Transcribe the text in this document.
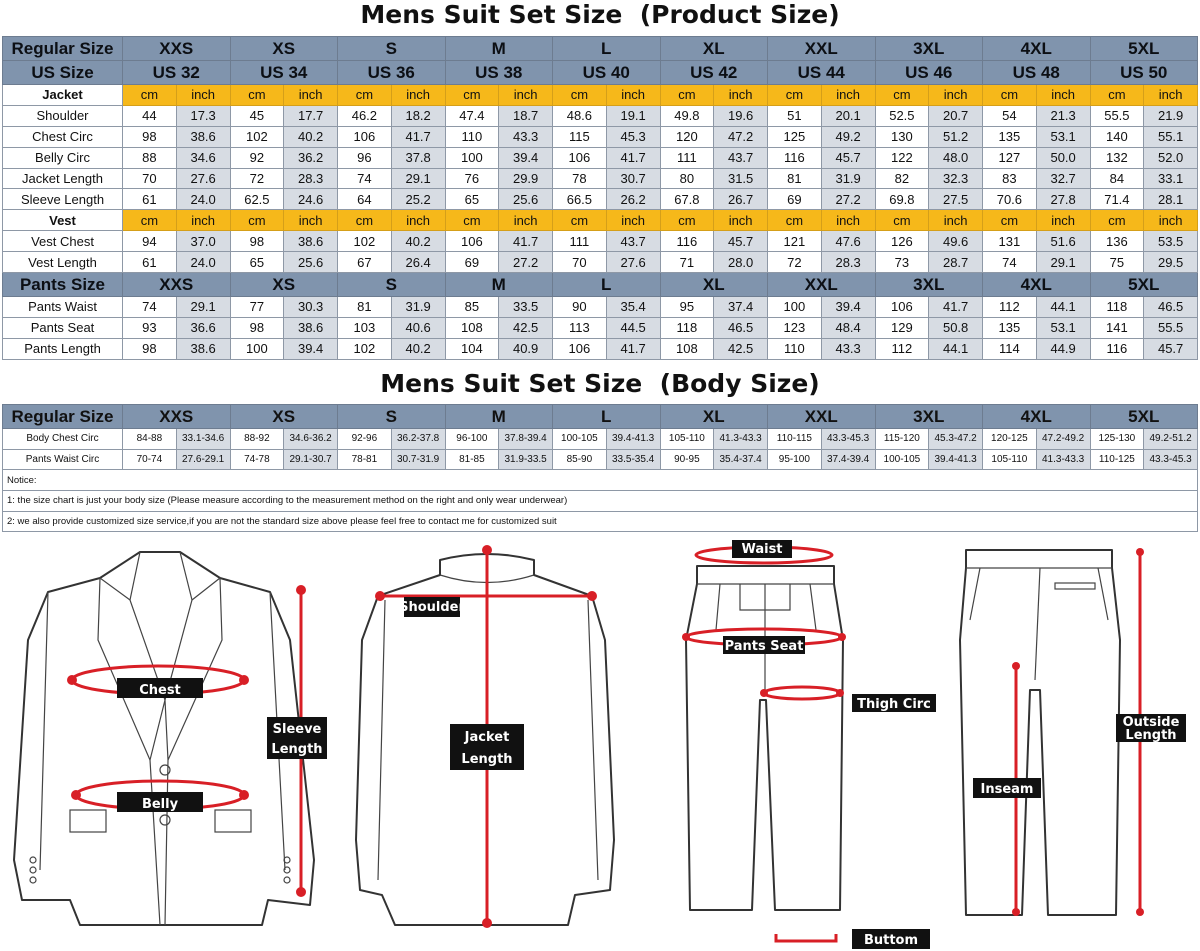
Mens Suit Set Size  (Product Size)
Regular Size	XXS		XS		S		M		L		XL		XXL		3XL		4XL		5XL	
US Size	US 32		US 34		US 36		US 38		US 40		US 42		US 44		US 46		US 48		US 50	
Jacket	cm	inch	cm	inch	cm	inch	cm	inch	cm	inch	cm	inch	cm	inch	cm	inch	cm	inch	cm	inch
Shoulder	44	17.3	45	17.7	46.2	18.2	47.4	18.7	48.6	19.1	49.8	19.6	51	20.1	52.5	20.7	54	21.3	55.5	21.9
Chest Circ	98	38.6	102	40.2	106	41.7	110	43.3	115	45.3	120	47.2	125	49.2	130	51.2	135	53.1	140	55.1
Belly Circ	88	34.6	92	36.2	96	37.8	100	39.4	106	41.7	111	43.7	116	45.7	122	48.0	127	50.0	132	52.0
Jacket Length	70	27.6	72	28.3	74	29.1	76	29.9	78	30.7	80	31.5	81	31.9	82	32.3	83	32.7	84	33.1
Sleeve Length	61	24.0	62.5	24.6	64	25.2	65	25.6	66.5	26.2	67.8	26.7	69	27.2	69.8	27.5	70.6	27.8	71.4	28.1
Vest	cm	inch	cm	inch	cm	inch	cm	inch	cm	inch	cm	inch	cm	inch	cm	inch	cm	inch	cm	inch
Vest Chest	94	37.0	98	38.6	102	40.2	106	41.7	111	43.7	116	45.7	121	47.6	126	49.6	131	51.6	136	53.5
Vest Length	61	24.0	65	25.6	67	26.4	69	27.2	70	27.6	71	28.0	72	28.3	73	28.7	74	29.1	75	29.5
Pants Size	XXS		XS		S		M		L		XL		XXL		3XL		4XL		5XL	
Pants Waist	74	29.1	77	30.3	81	31.9	85	33.5	90	35.4	95	37.4	100	39.4	106	41.7	112	44.1	118	46.5
Pants Seat	93	36.6	98	38.6	103	40.6	108	42.5	113	44.5	118	46.5	123	48.4	129	50.8	135	53.1	141	55.5
Pants Length	98	38.6	100	39.4	102	40.2	104	40.9	106	41.7	108	42.5	110	43.3	112	44.1	114	44.9	116	45.7
Mens Suit Set Size  (Body Size)
Regular Size	XXS		XS		S		M		L		XL		XXL		3XL		4XL		5XL	
Body Chest Circ	84-88	33.1-34.6	88-92	34.6-36.2	92-96	36.2-37.8	96-100	37.8-39.4	100-105	39.4-41.3	105-110	41.3-43.3	110-115	43.3-45.3	115-120	45.3-47.2	120-125	47.2-49.2	125-130	49.2-51.2
Pants Waist Circ	70-74	27.6-29.1	74-78	29.1-30.7	78-81	30.7-31.9	81-85	31.9-33.5	85-90	33.5-35.4	90-95	35.4-37.4	95-100	37.4-39.4	100-105	39.4-41.3	105-110	41.3-43.3	110-125	43.3-45.3
Notice:																				
1: the size chart is just your body size (Please measure according to the measurement method on the right and only wear underwear)																				
2: we also provide customized size service,if you are not the standard size above please feel free to contact me for customized suit																				
Chest
Belly
Sleeve
Length
Shoulder
Jacket
Length
Waist
Pants Seat
Thigh Circ
Buttom
Outside
Length
Inseam
